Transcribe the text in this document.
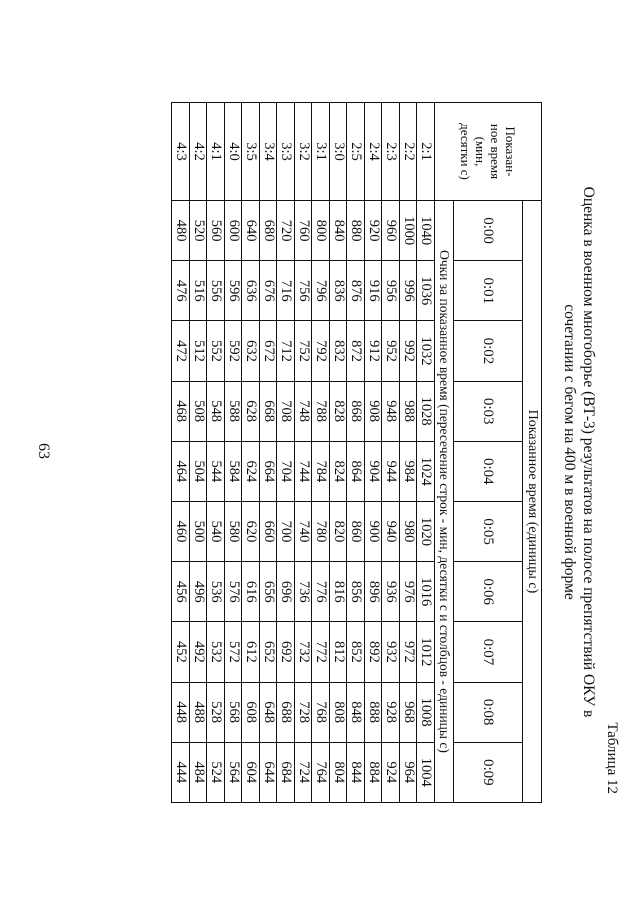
63
Таблица 12
Оценка в военном многоборье (ВТ-3) результатов на полосе препятствий ОКУ в
сочетании с бегом на 400 м в военной форме
Показан-
ное время
(мин,
десятки с)	Показанное время (единицы с)									
	0:00	0:01	0:02	0:03	0:04	0:05	0:06	0:07	0:08	0:09
	Очки за показанное время (пересечение строк - мин, десятки с и столбцов - единицы с)									
2:1	1040	1036	1032	1028	1024	1020	1016	1012	1008	1004
2:2	1000	996	992	988	984	980	976	972	968	964
2:3	960	956	952	948	944	940	936	932	928	924
2:4	920	916	912	908	904	900	896	892	888	884
2:5	880	876	872	868	864	860	856	852	848	844
3:0	840	836	832	828	824	820	816	812	808	804
3:1	800	796	792	788	784	780	776	772	768	764
3:2	760	756	752	748	744	740	736	732	728	724
3:3	720	716	712	708	704	700	696	692	688	684
3:4	680	676	672	668	664	660	656	652	648	644
3:5	640	636	632	628	624	620	616	612	608	604
4:0	600	596	592	588	584	580	576	572	568	564
4:1	560	556	552	548	544	540	536	532	528	524
4:2	520	516	512	508	504	500	496	492	488	484
4:3	480	476	472	468	464	460	456	452	448	444
